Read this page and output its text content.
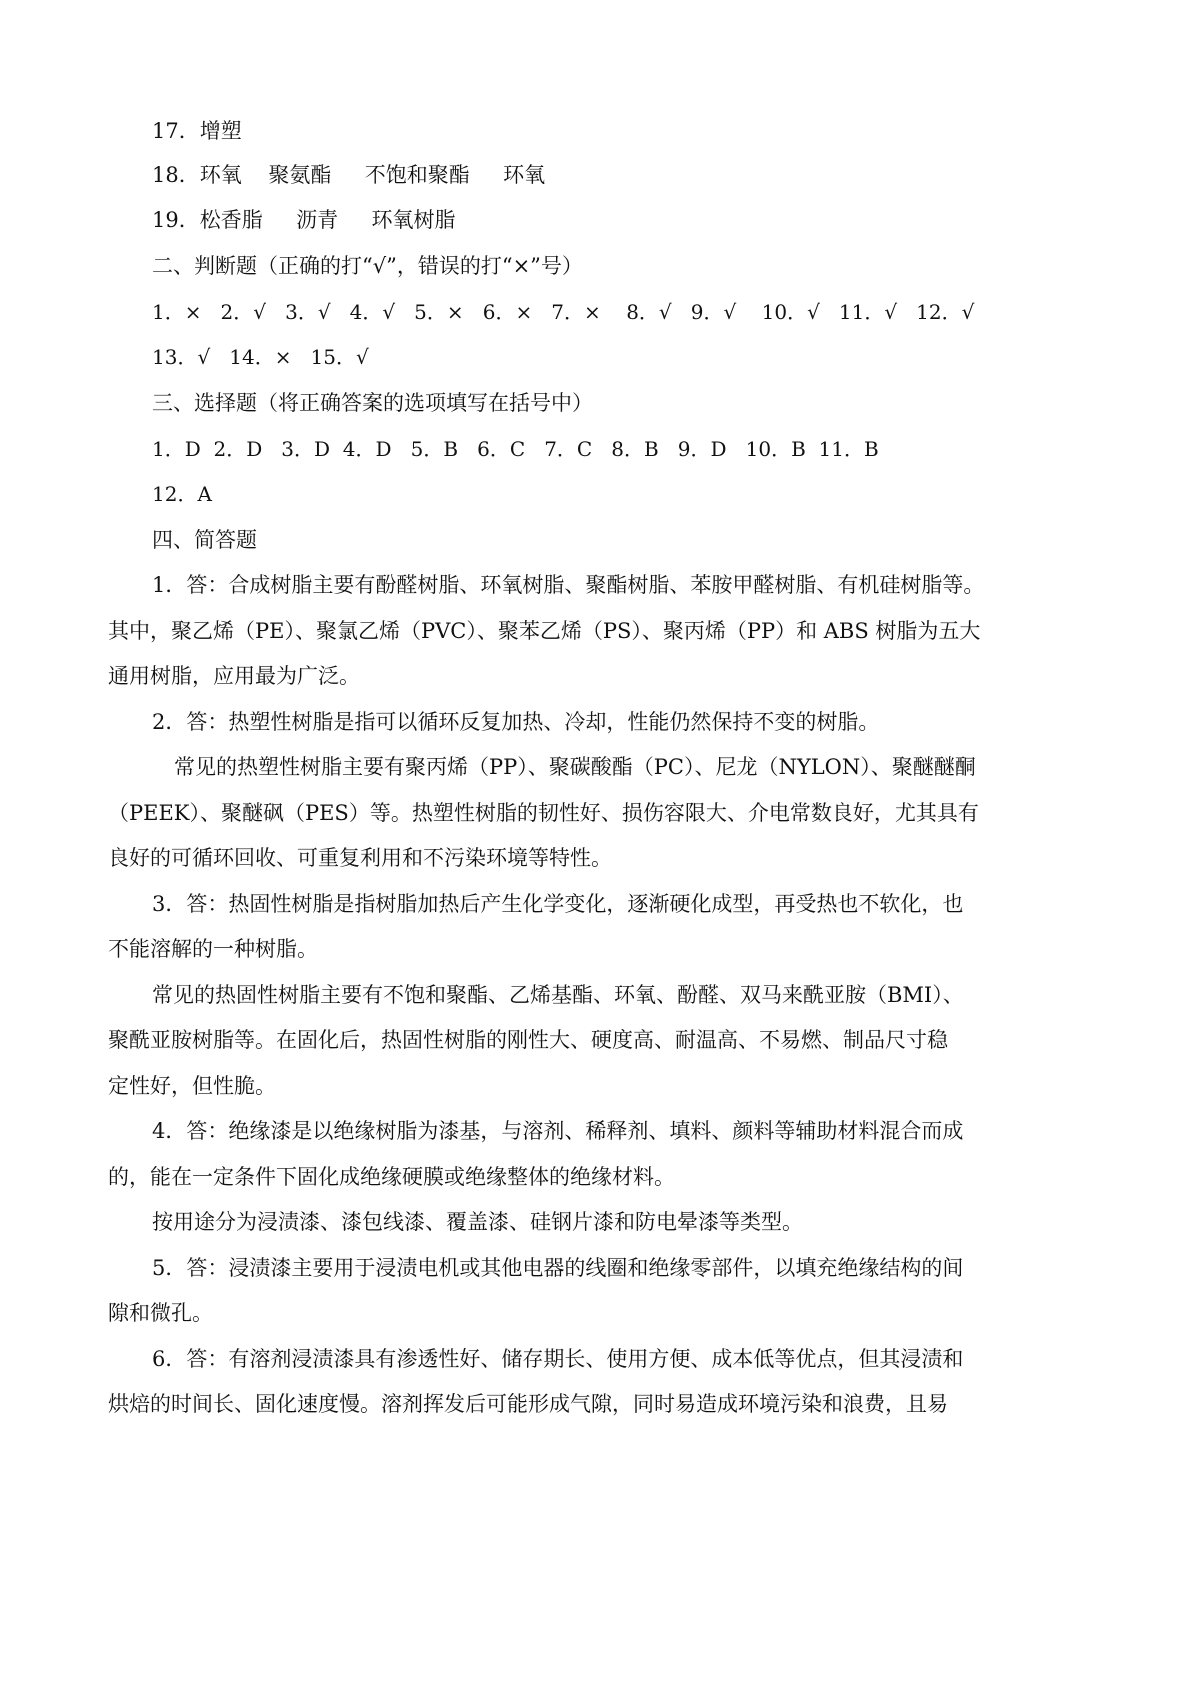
17．增塑
18．环氧    聚氨酯     不饱和聚酯     环氧
19．松香脂     沥青     环氧树脂
二、判断题（正确的打“√”，错误的打“×”号）
1．×   2．√   3．√   4．√   5．×   6．×   7．×    8．√   9．√    10．√   11．√   12．√
13．√   14．×   15．√
三、选择题（将正确答案的选项填写在括号中）
1．D  2．D   3．D  4．D   5．B   6．C   7．C   8．B   9．D   10．B  11．B
12．A
四、简答题
1．答：合成树脂主要有酚醛树脂、环氧树脂、聚酯树脂、苯胺甲醛树脂、有机硅树脂等。
其中，聚乙烯（PE）、聚氯乙烯（PVC）、聚苯乙烯（PS）、聚丙烯（PP）和 ABS 树脂为五大
通用树脂，应用最为广泛。
2．答：热塑性树脂是指可以循环反复加热、冷却，性能仍然保持不变的树脂。
常见的热塑性树脂主要有聚丙烯（PP）、聚碳酸酯（PC）、尼龙（NYLON）、聚醚醚酮
（PEEK）、聚醚砜（PES）等。热塑性树脂的韧性好、损伤容限大、介电常数良好，尤其具有
良好的可循环回收、可重复利用和不污染环境等特性。
3．答：热固性树脂是指树脂加热后产生化学变化，逐渐硬化成型，再受热也不软化，也
不能溶解的一种树脂。
常见的热固性树脂主要有不饱和聚酯、乙烯基酯、环氧、酚醛、双马来酰亚胺（BMI）、
聚酰亚胺树脂等。在固化后，热固性树脂的刚性大、硬度高、耐温高、不易燃、制品尺寸稳
定性好，但性脆。
4．答：绝缘漆是以绝缘树脂为漆基，与溶剂、稀释剂、填料、颜料等辅助材料混合而成
的，能在一定条件下固化成绝缘硬膜或绝缘整体的绝缘材料。
按用途分为浸渍漆、漆包线漆、覆盖漆、硅钢片漆和防电晕漆等类型。
5．答：浸渍漆主要用于浸渍电机或其他电器的线圈和绝缘零部件，以填充绝缘结构的间
隙和微孔。
6．答：有溶剂浸渍漆具有渗透性好、储存期长、使用方便、成本低等优点，但其浸渍和
烘焙的时间长、固化速度慢。溶剂挥发后可能形成气隙，同时易造成环境污染和浪费，且易
